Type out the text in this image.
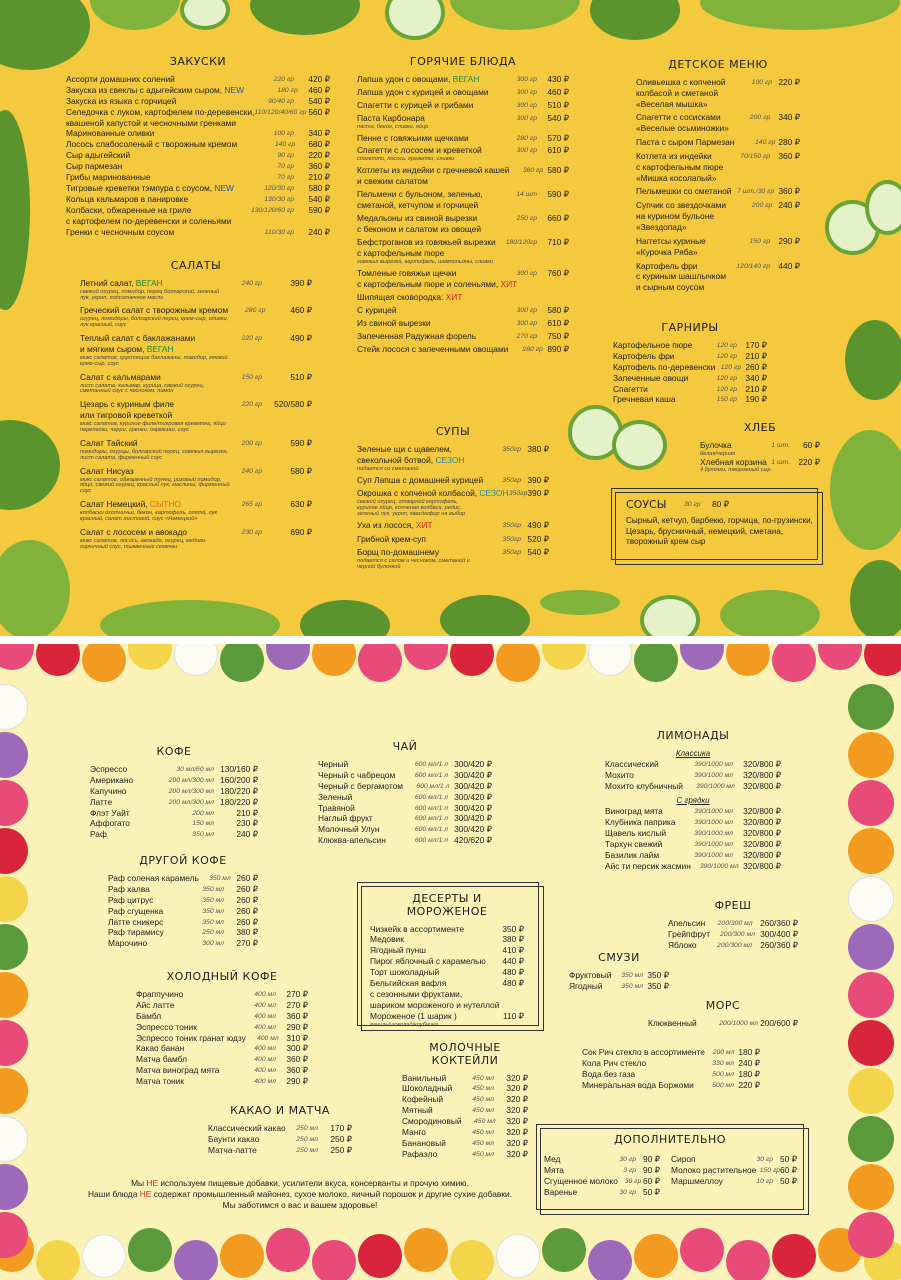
ЗАКУСКИ
Ассорти домашних солений	220 гр	420 ₽
Закуска из свеклы с адыгейским сыром, NEW	180 гр	460 ₽
Закуска из языка с горчицей	90/40 гр	540 ₽
Селедочка с луком, картофелем по-деревенски, 110/120/40/60 гр 560 ₽
квашеной капустой и чесночными гренками
Маринованные оливки	100 гр	340 ₽
Лосось слабосоленый с творожным кремом	140 гр	680 ₽
Сыр адыгейский	90 гр	220 ₽
Сыр пармезан	70 гр	360 ₽
Грибы маринованные	70 гр	210 ₽
Тигровые креветки тэмпура с соусом, NEW	120/30 гр	580 ₽
Кольца кальмаров в панировке	130/30 гр	540 ₽
Колбаски, обжаренные на гриле	130/120/60 гр	590 ₽
с картофелем по-деревенски и соленьями
Гренки с чесночным соусом	110/30 гр	240 ₽
САЛАТЫ
Летний салат, ВЕГАН	240 гр	390 ₽
свежий огурец, помидор, перец болгарский, зеленый лук, укроп, подсолнечное масло
Греческий салат с творожным кремом	280 гр	460 ₽
огурец, помидоры, болгарский перец, крем-сыр, оливки, лук красный, соус
Теплый салат с баклажанами	220 гр	490 ₽
и мягким сыром, ВЕГАН
микс салатов, хрустящие баклажаны, помидор, мягкий крем-сыр, соус
Салат с кальмарами	150 гр	510 ₽
лист салата, кальмар, курица, свежий огурец, сметанный соус с чесноком, лимон
Цезарь с куриным филе	220 гр	520/580 ₽
или тигровой креветкой
микс салатов, куриное филе/тигровая креветка, яйцо перепелки, черри, гренки, пармезан, соус
Салат Тайский	200 гр	590 ₽
помидоры, огурцы, болгарский перец, говяжья вырезка, лист салата, фирменный соус
Салат Нисуаз	240 гр	580 ₽
микс салатов, обжаренный тунец, розовый помидор, яйцо, свежий огурец, красный лук, маслины, фирменный соус
Салат Немецкий, СЫТНО	265 гр	630 ₽
колбаски охотничьи, бекон, картофель, опята, лук красный, салат листовой, соус «Немецкий»
Салат с лососем и авокадо	230 гр	690 ₽
микс салатов, лосось, авокадо, огурец, медово-горчичный соус, тыквенные семечки
ГОРЯЧИЕ БЛЮДА
Лапша удон с овощами, ВЕГАН	300 гр	430 ₽
Лапша удон с курицей и овощами	300 гр	460 ₽
Спагетти с курицей и грибами	300 гр	510 ₽
Паста Карбонара	300 гр	540 ₽
паста, бекон, сливки, яйцо
Пенне с говяжьими щечками	280 гр	570 ₽
Спагетти с лососем и креветкой	300 гр	610 ₽
спагетти, лосось, креветки, сливки
Котлеты из индейки с гречневой кашей	360 гр 580 ₽
и свежим салатом
Пельмени с бульоном, зеленью,	14 шт	590 ₽
сметаной, кетчупом и горчицей
Медальоны из свиной вырезки	250 гр	660 ₽
с беконом и салатом из овощей
Бефстроганов из говяжьей вырезки	180/120гр	710 ₽
с картофельным пюре
говяжья вырезка, картофель, шампиньоны, сливки
Томленые говяжьи щечки	300 гр	760 ₽
с картофельным пюре и соленьями, ХИТ
Шипящая сковородка: ХИТ
С курицей	300 гр	580 ₽
Из свиной вырезки	300 гр	610 ₽
Запеченная Радужная форель	270 гр	750 ₽
Стейк лосося с запеченными овощами	280 гр 890 ₽
СУПЫ
Зеленые щи с щавелем,	350гр 380 ₽
свекольной ботвой, СЕЗОН
подается со сметаной
Суп Лапша с домашней курицей	350гр 390 ₽
Окрошка с копченой колбасой, СЕЗОН 350гр 390 ₽
свежий огурец, отварной картофель, куриное яйцо, копченая колбаса, редис, зеленый лук, укроп, квас/кефир на выбор
Уха из лосося, ХИТ	350гр 490 ₽
Грибной крем-суп	350гр 520 ₽
Борщ по-домашнему	350гр 540 ₽
подается с салом и чесноком, сметаной и черной булочкой
ДЕТСКОЕ МЕНЮ
Оливьешка с копченой	100 гр 220 ₽
колбасой и сметаной
«Веселая мышка»
Спагетти с сосисками	200 гр 340 ₽
«Веселые осьминожки»
Паста с сыром Пармезан	140 гр 280 ₽
Котлета из индейки	70/150 гр 360 ₽
с картофельным пюре
«Мишка косолапый»
Пельмешки со сметаной 7 шт./30 гр 360 ₽
Супчик со звездочками	200 гр 240 ₽
на курином бульоне
«Звездопад»
Наггетсы куриные	150 гр 290 ₽
«Курочка Ряба»
Картофель фри	120/140 гр 440 ₽
с куриным шашлычком
и сырным соусом
ГАРНИРЫ
Картофельное пюре	120 гр 170 ₽
Картофель фри	120 гр 210 ₽
Картофель по-деревенски 120 гр 260 ₽
Запеченные овощи	120 гр 340 ₽
Спагетти	120 гр 210 ₽
Гречневая каша	150 гр 190 ₽
ХЛЕБ
Булочка	1 шт.	60 ₽
белая/черная
Хлебная корзина 1 шт. 220 ₽
4 булочки, творожный сыр
СОУСЫ	30 гр 80 ₽
Сырный, кетчуп, барбекю, горчица, по-грузински, Цезарь, брусничный, немецкий, сметана, творожный крем сыр
КОФЕ
Эспрессо	30 мл/60 мл 130/160 ₽
Американо	200 мл/300 мл 160/200 ₽
Капучино	200 мл/300 мл 180/220 ₽
Латте	200 мл/300 мл 180/220 ₽
Флэт Уайт	200 мл	210 ₽
Аффогато	150 мл	230 ₽
Раф	350 мл	240 ₽
ДРУГОЙ КОФЕ
Раф соленая карамель	350 мл 260 ₽
Раф халва	350 мл	260 ₽
Раф цитрус	350 мл	260 ₽
Раф сгущенка	350 мл	260 ₽
Латте сникерс	350 мл	260 ₽
Раф тирамису	250 мл	380 ₽
Марочино	300 мл	270 ₽
ХОЛОДНЫЙ КОФЕ
Фраппучино	400 мл	270 ₽
Айс латте	400 мл	270 ₽
Бамбл	400 мл	360 ₽
Эспрессо тоник	400 мл	290 ₽
Эспрессо тоник гранат юдзу	400 мл 310 ₽
Какао банан	400 мл	300 ₽
Матча бамбл	400 мл	360 ₽
Матча виноград мята	400 мл	360 ₽
Матча тоник	400 мл	290 ₽
КАКАО И МАТЧА
Классический какао	250 мл	170 ₽
Баунти какао	250 мл	250 ₽
Матча-латте	250 мл	250 ₽
ЧАЙ
Черный	600 мл/1 л 300/420 ₽
Черный с чабрецом	600 мл/1 л 300/420 ₽
Черный с бергамотом	600 мл/1 л 300/420 ₽
Зеленый	600 мл/1 л 300/420 ₽
Травяной	600 мл/1 л 300/420 ₽
Наглый фрукт	600 мл/1 л 300/420 ₽
Молочный Улун	600 мл/1 л 300/420 ₽
Клюква-апельсин	600 мл/1 л 420/620 ₽
ДЕСЕРТЫ И МОРОЖЕНОЕ
Чизкейк в ассортименте	350 ₽
Медовик	380 ₽
Ягодный пунш	410 ₽
Пирог яблочный с карамелью	440 ₽
Торт шоколадный	480 ₽
Бельгийская вафля	480 ₽
с сезонными фруктами,
шариком мороженого и нутеллой
Мороженое (1 шарик )	110 ₽
ваниль/шоколад/клубника
МОЛОЧНЫЕ КОКТЕЙЛИ
Ванильный	450 мл	320 ₽
Шоколадный	450 мл	320 ₽
Кофейный	450 мл	320 ₽
Мятный	450 мл	320 ₽
Смородиновый	450 мл	320 ₽
Манго	450 мл	320 ₽
Банановый	450 мл	320 ₽
Рафаэло	450 мл	320 ₽
ЛИМОНАДЫ
Классика
Классический	390/1000 мл	320/800 ₽
Мохито	390/1000 мл	320/800 ₽
Мохито клубничный	390/1000 мл 320/800 ₽
С грядки
Виноград мята	390/1000 мл	320/800 ₽
Клубника паприка	390/1000 мл	320/800 ₽
Щавель кислый	390/1000 мл	320/800 ₽
Тархун свежий	390/1000 мл	320/800 ₽
Базилик лайм	390/1000 мл	320/800 ₽
Айс ти персик жасмин	390/1000 мл 320/800 ₽
ФРЕШ
Апельсин	200/300 мл 260/360 ₽
Грейпфрут	200/300 мл 300/400 ₽
Яблоко	200/300 мл 260/360 ₽
СМУЗИ
Фруктовый	350 мл 350 ₽
Ягодный	350 мл 350 ₽
МОРС
Клюквенный	200/1000 мл 200/600 ₽
Сок Рич стекло в ассортименте	200 мл 180 ₽
Кола Рич стекло	330 мл 240 ₽
Вода без газа	500 мл 180 ₽
Минеральная вода Боржоми	500 мл 220 ₽
ДОПОЛНИТЕЛЬНО
Мед	30 гр 90 ₽
Мята	3 гр 90 ₽
Сгущенное молоко 30 гр 60 ₽
Варенье	30 гр 50 ₽
Сироп	30 гр 50 ₽
Молоко растительное 150 гр 60 ₽
Маршмеллоу	10 гр 50 ₽
Мы НЕ используем пищевые добавки, усилители вкуса, консерванты и прочую химию.
Наши блюда НЕ содержат промышленный майонез, сухое молоко, яичный порошок и другие сухие добавки.
Мы заботимся о вас и вашем здоровье!
